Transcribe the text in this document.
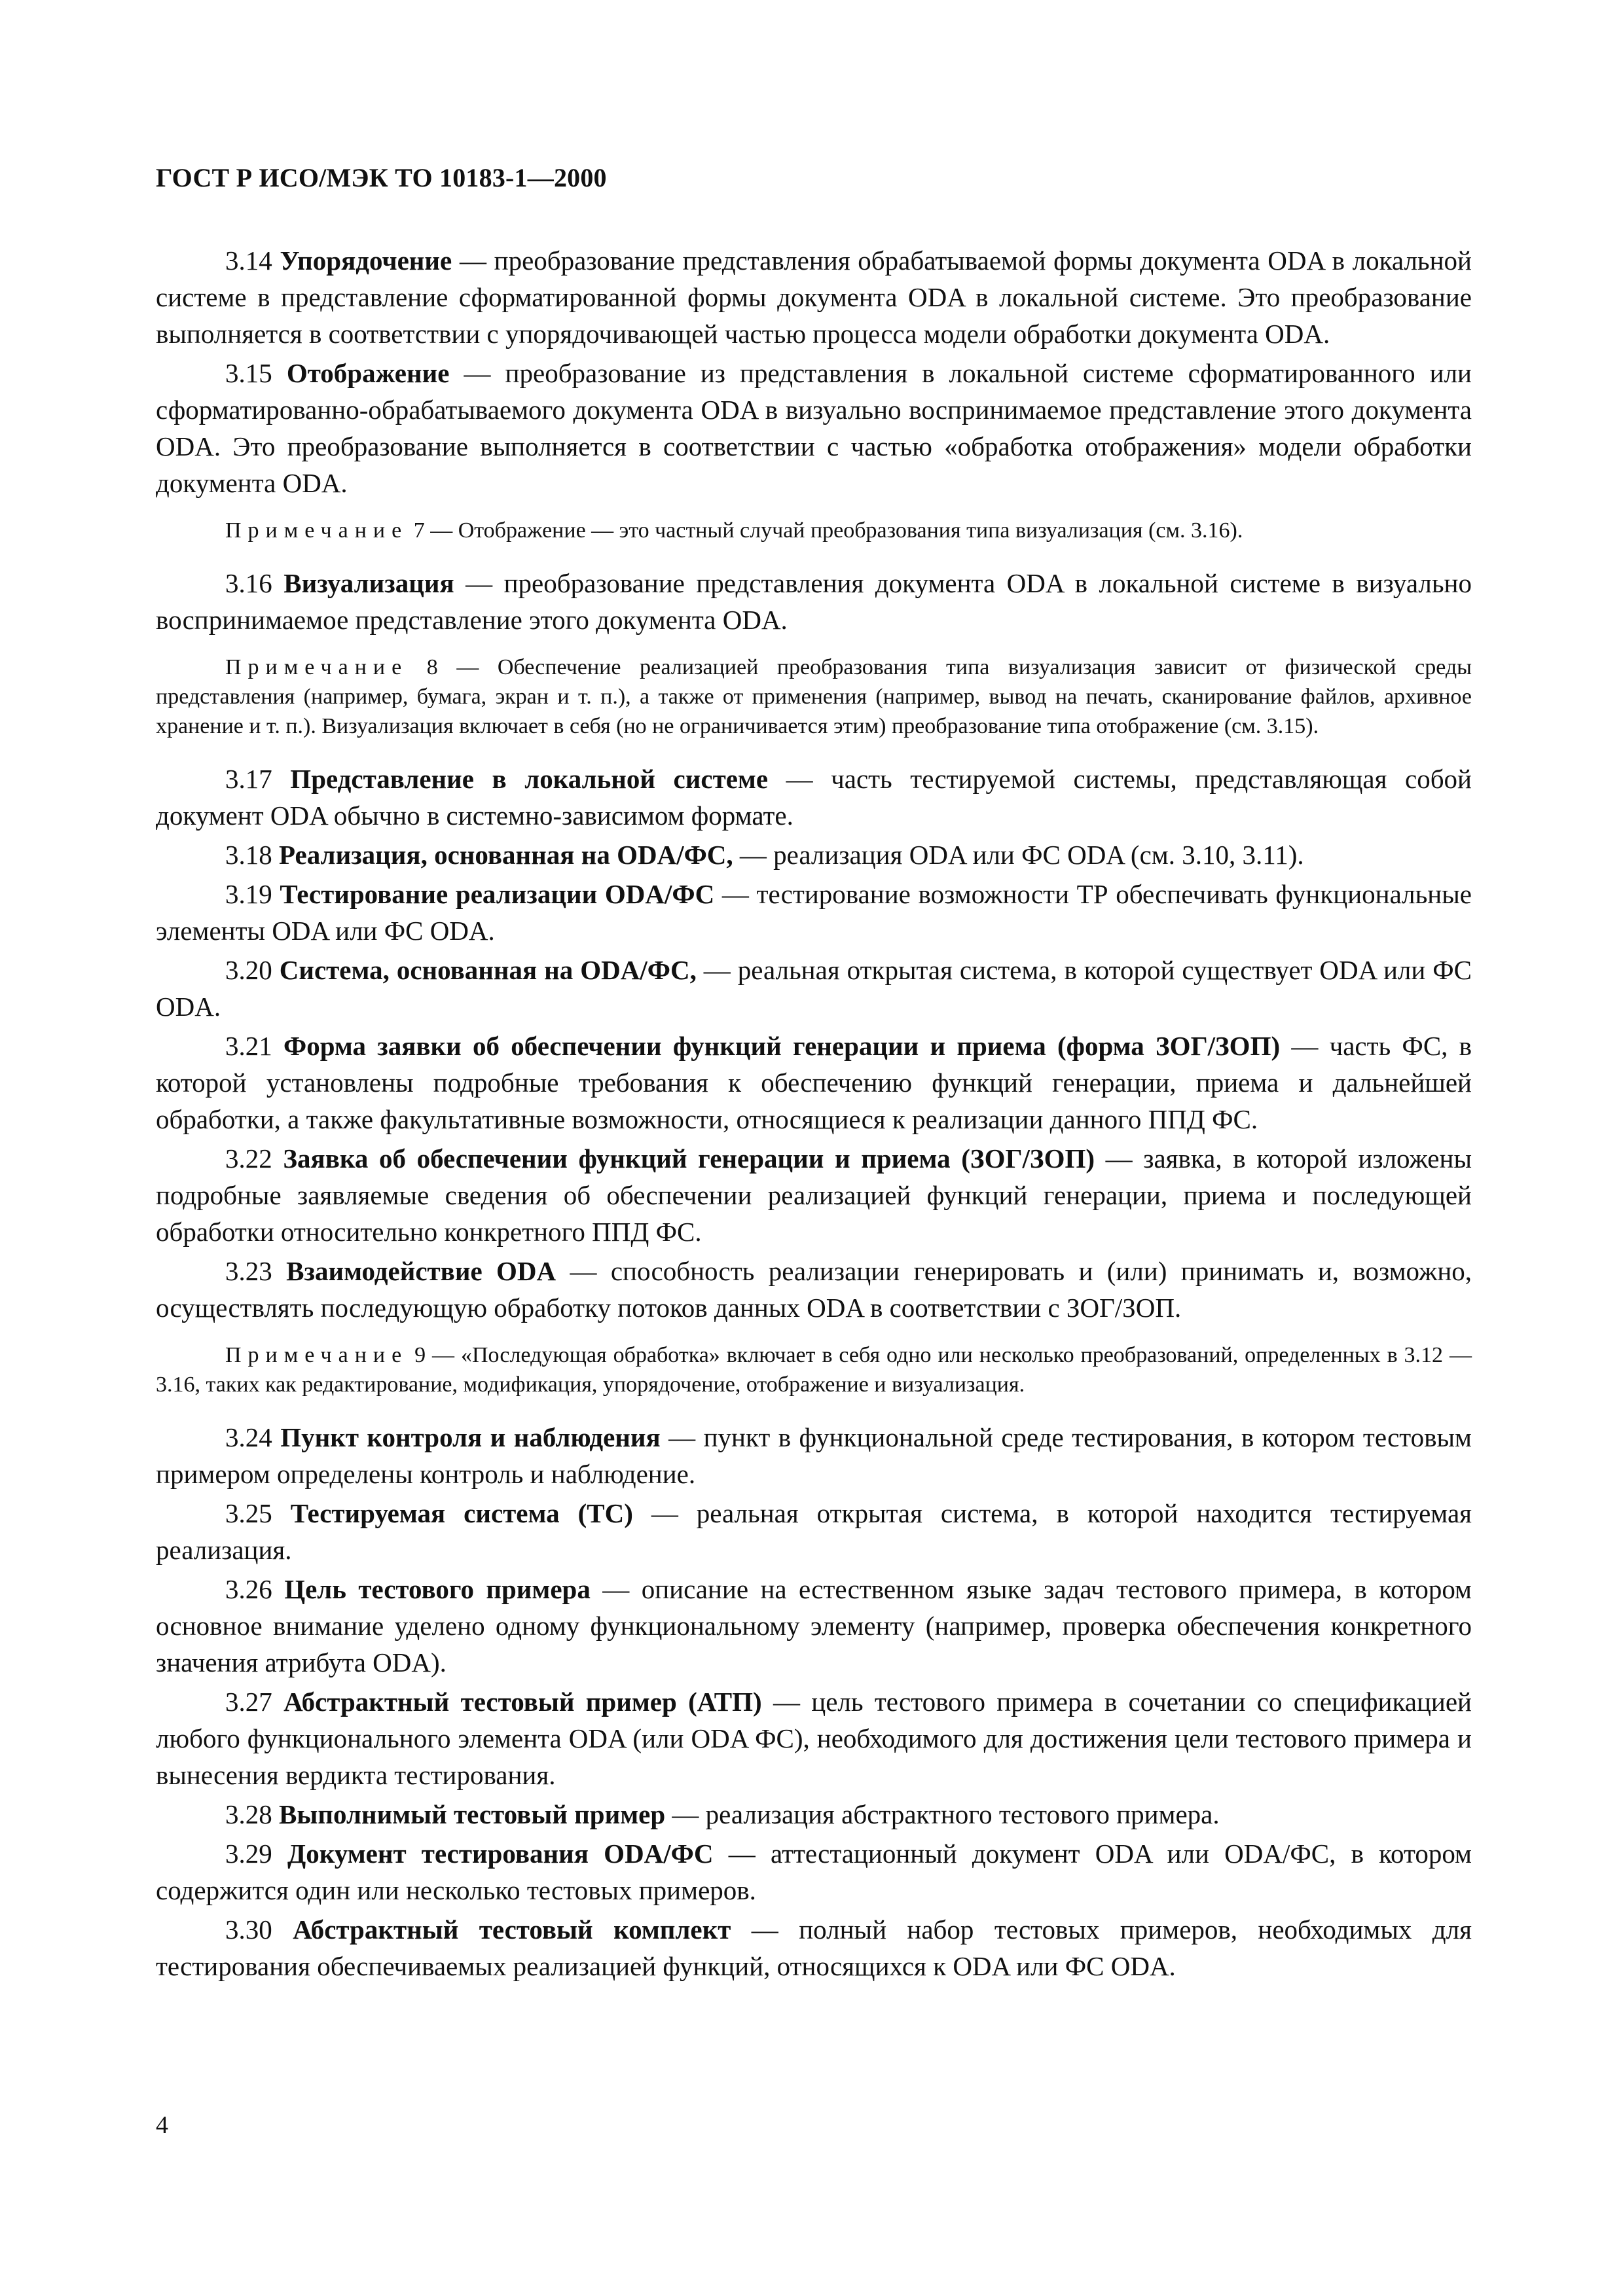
ГОСТ Р ИСО/МЭК ТО 10183-1—2000

3.14 Упорядочение — преобразование представления обрабатываемой формы документа ODA в локальной системе в представление сформатированной формы документа ODA в локальной системе. Это преобразование выполняется в соответствии с упорядочивающей частью процесса модели обработки документа ODA.

3.15 Отображение — преобразование из представления в локальной системе сформатированного или сформатированно-обрабатываемого документа ODA в визуально воспринимаемое представление этого документа ODA. Это преобразование выполняется в соответствии с частью «обработка отображения» модели обработки документа ODA.

Примечание 7 — Отображение — это частный случай преобразования типа визуализация (см. 3.16).

3.16 Визуализация — преобразование представления документа ODA в локальной системе в визуально воспринимаемое представление этого документа ODA.

Примечание 8 — Обеспечение реализацией преобразования типа визуализация зависит от физической среды представления (например, бумага, экран и т. п.), а также от применения (например, вывод на печать, сканирование файлов, архивное хранение и т. п.). Визуализация включает в себя (но не ограничивается этим) преобразование типа отображение (см. 3.15).

3.17 Представление в локальной системе — часть тестируемой системы, представляющая собой документ ODA обычно в системно-зависимом формате.

3.18 Реализация, основанная на ODA/ФС, — реализация ODA или ФС ODA (см. 3.10, 3.11).

3.19 Тестирование реализации ODA/ФС — тестирование возможности ТР обеспечивать функциональные элементы ODA или ФС ODA.

3.20 Система, основанная на ODA/ФС, — реальная открытая система, в которой существует ODA или ФС ODA.

3.21 Форма заявки об обеспечении функций генерации и приема (форма ЗОГ/ЗОП) — часть ФС, в которой установлены подробные требования к обеспечению функций генерации, приема и дальнейшей обработки, а также факультативные возможности, относящиеся к реализации данного ППД ФС.

3.22 Заявка об обеспечении функций генерации и приема (ЗОГ/ЗОП) — заявка, в которой изложены подробные заявляемые сведения об обеспечении реализацией функций генерации, приема и последующей обработки относительно конкретного ППД ФС.

3.23 Взаимодействие ODA — способность реализации генерировать и (или) принимать и, возможно, осуществлять последующую обработку потоков данных ODA в соответствии с ЗОГ/ЗОП.

Примечание 9 — «Последующая обработка» включает в себя одно или несколько преобразований, определенных в 3.12 — 3.16, таких как редактирование, модификация, упорядочение, отображение и визуализация.

3.24 Пункт контроля и наблюдения — пункт в функциональной среде тестирования, в котором тестовым примером определены контроль и наблюдение.

3.25 Тестируемая система (ТС) — реальная открытая система, в которой находится тестируемая реализация.

3.26 Цель тестового примера — описание на естественном языке задач тестового примера, в котором основное внимание уделено одному функциональному элементу (например, проверка обеспечения конкретного значения атрибута ODA).

3.27 Абстрактный тестовый пример (АТП) — цель тестового примера в сочетании со спецификацией любого функционального элемента ODA (или ODA ФС), необходимого для достижения цели тестового примера и вынесения вердикта тестирования.

3.28 Выполнимый тестовый пример — реализация абстрактного тестового примера.

3.29 Документ тестирования ODA/ФС — аттестационный документ ODA или ODA/ФС, в котором содержится один или несколько тестовых примеров.

3.30 Абстрактный тестовый комплект — полный набор тестовых примеров, необходимых для тестирования обеспечиваемых реализацией функций, относящихся к ODA или ФС ODA.

4
